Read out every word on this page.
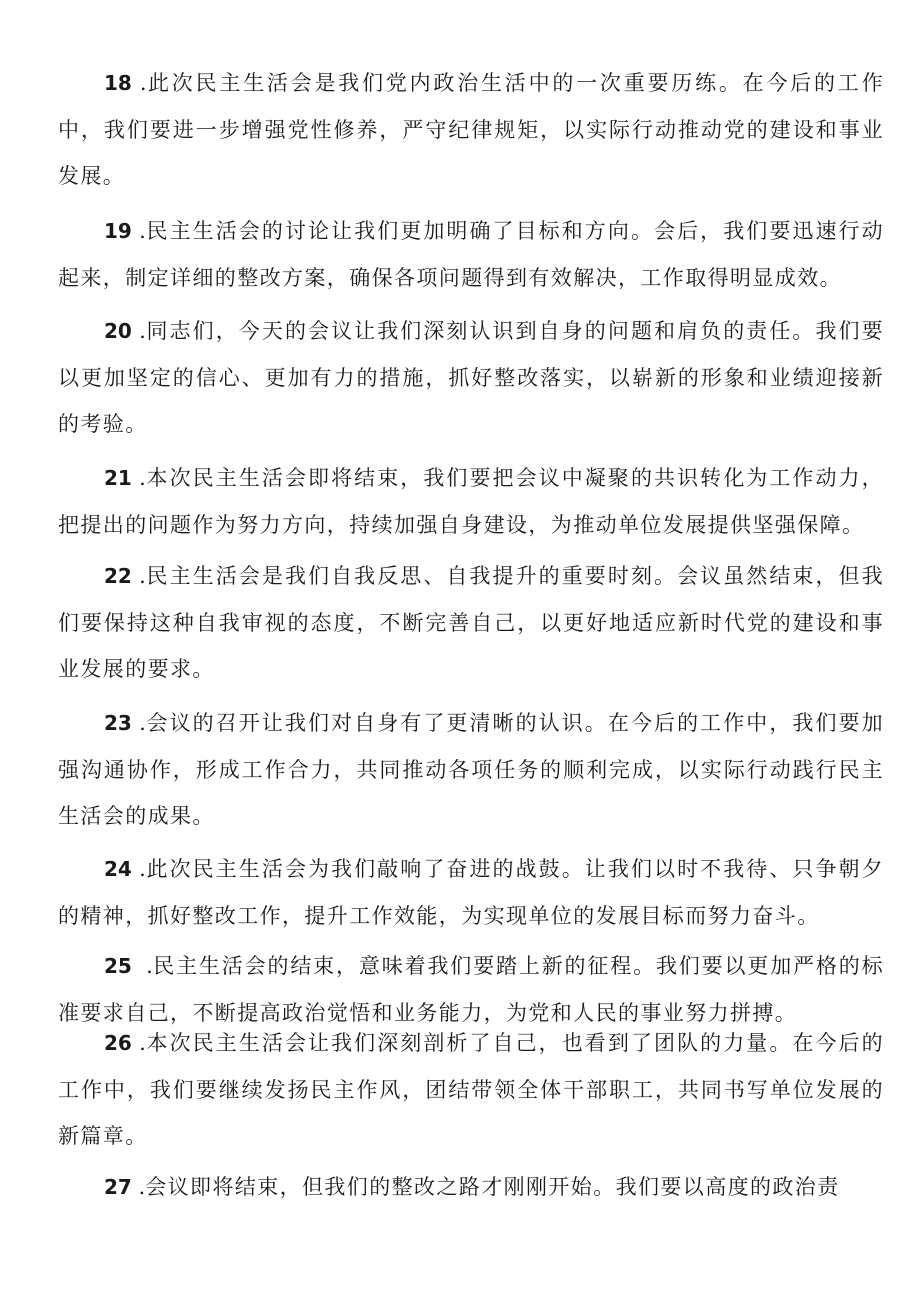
18 .此次民主生活会是我们党内政治生活中的一次重要历练。在今后的工作中，我们要进一步增强党性修养，严守纪律规矩，以实际行动推动党的建设和事业发展。

19 .民主生活会的讨论让我们更加明确了目标和方向。会后，我们要迅速行动起来，制定详细的整改方案，确保各项问题得到有效解决，工作取得明显成效。

20 .同志们，今天的会议让我们深刻认识到自身的问题和肩负的责任。我们要以更加坚定的信心、更加有力的措施，抓好整改落实，以崭新的形象和业绩迎接新的考验。

21 .本次民主生活会即将结束，我们要把会议中凝聚的共识转化为工作动力，把提出的问题作为努力方向，持续加强自身建设，为推动单位发展提供坚强保障。

22 .民主生活会是我们自我反思、自我提升的重要时刻。会议虽然结束，但我们要保持这种自我审视的态度，不断完善自己，以更好地适应新时代党的建设和事业发展的要求。

23 .会议的召开让我们对自身有了更清晰的认识。在今后的工作中，我们要加强沟通协作，形成工作合力，共同推动各项任务的顺利完成，以实际行动践行民主生活会的成果。

24 .此次民主生活会为我们敲响了奋进的战鼓。让我们以时不我待、只争朝夕的精神，抓好整改工作，提升工作效能，为实现单位的发展目标而努力奋斗。

25  .民主生活会的结束，意味着我们要踏上新的征程。我们要以更加严格的标准要求自己，不断提高政治觉悟和业务能力，为党和人民的事业努力拼搏。

26 .本次民主生活会让我们深刻剖析了自己，也看到了团队的力量。在今后的工作中，我们要继续发扬民主作风，团结带领全体干部职工，共同书写单位发展的新篇章。

27 .会议即将结束，但我们的整改之路才刚刚开始。我们要以高度的政治责
